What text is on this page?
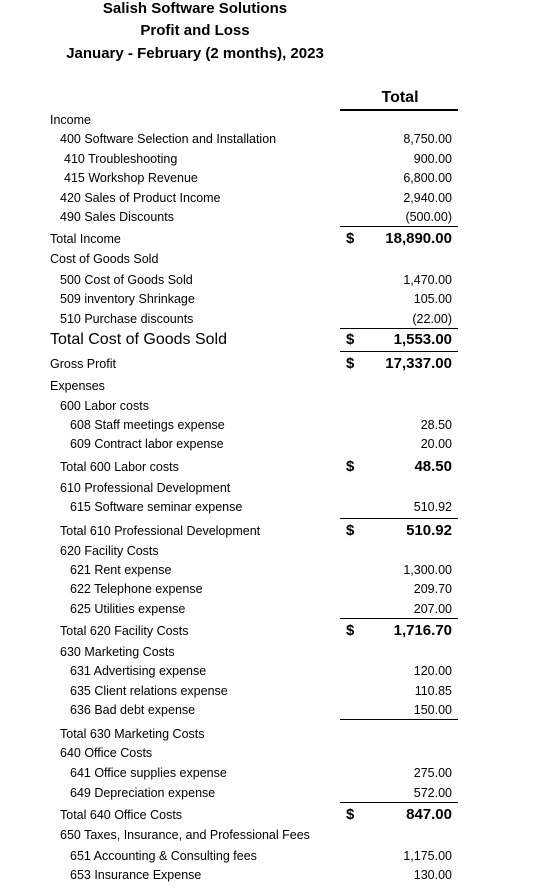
Salish Software Solutions
Profit and Loss
January - February (2 months), 2023
Total
Income
400 Software Selection and Installation	8,750.00
410 Troubleshooting	900.00
415 Workshop Revenue	6,800.00
420 Sales of Product Income	2,940.00
490 Sales Discounts	(500.00)
Total Income	$ 18,890.00
Cost of Goods Sold
500 Cost of Goods Sold	1,470.00
509 inventory Shrinkage	105.00
510 Purchase discounts	(22.00)
Total Cost of Goods Sold	$	1,553.00
Gross Profit	$ 17,337.00
Expenses
600 Labor costs
608 Staff meetings expense	28.50
609 Contract labor expense	20.00
Total 600 Labor costs	$	48.50
610 Professional Development
615 Software seminar expense	510.92
Total 610 Professional Development	$	510.92
620 Facility Costs
621 Rent expense	1,300.00
622 Telephone expense	209.70
625 Utilities expense	207.00
Total 620 Facility Costs	$	1,716.70
630 Marketing Costs
631 Advertising expense	120.00
635 Client relations expense	110.85
636 Bad debt expense	150.00
Total 630 Marketing Costs
640 Office Costs
641 Office supplies expense	275.00
649 Depreciation expense	572.00
Total 640 Office Costs	$	847.00
650 Taxes, Insurance, and Professional Fees
651 Accounting & Consulting fees	1,175.00
653 Insurance Expense	130.00
